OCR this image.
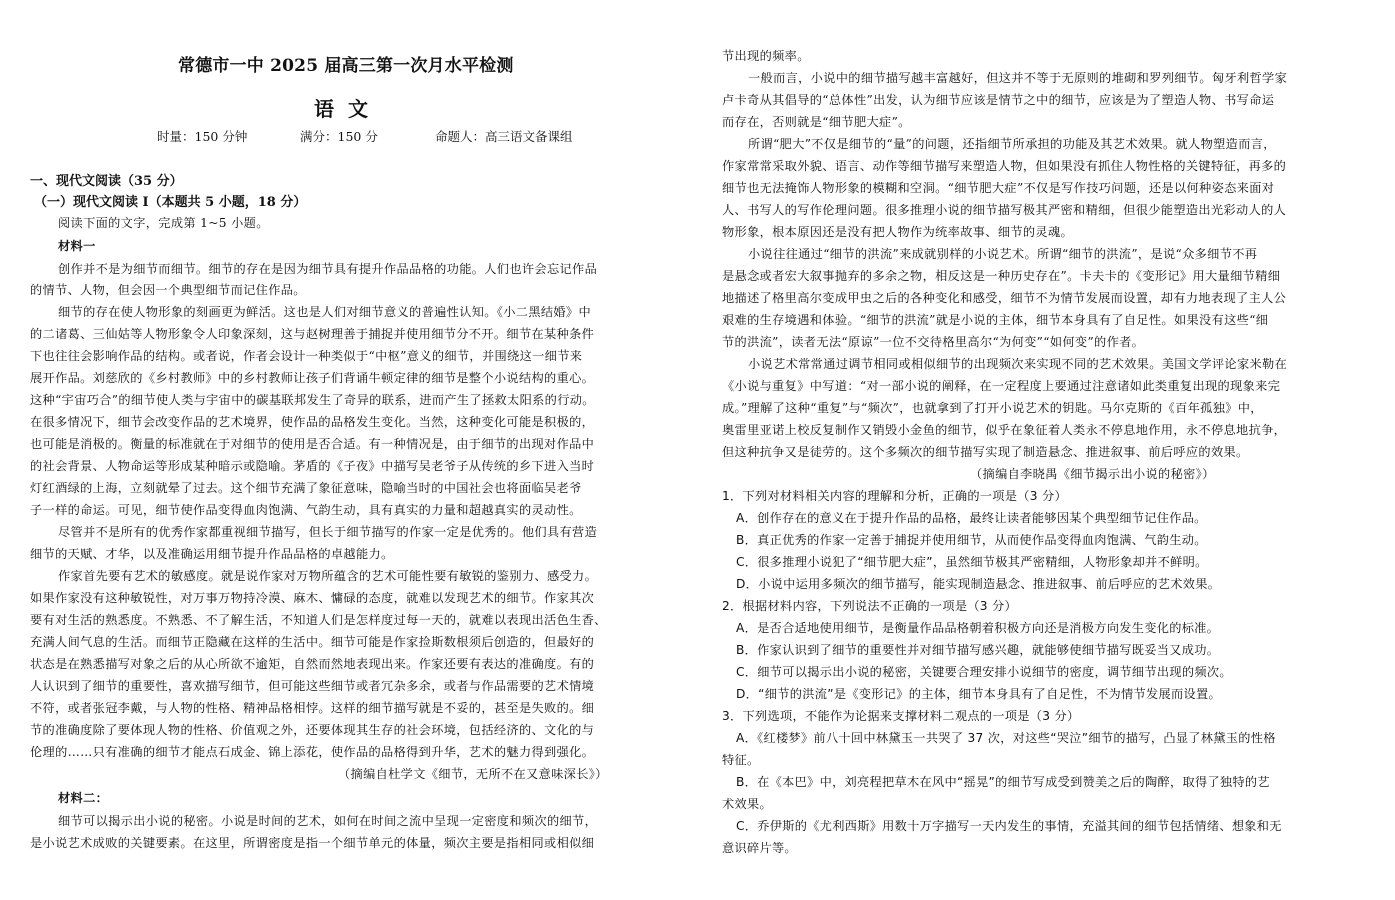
常德市一中 2025 届高三第一次月水平检测
语文
时量：150 分钟	满分：150 分	命题人：高三语文备课组
一、现代文阅读（35 分）
（一）现代文阅读 I（本题共 5 小题，18 分）
阅读下面的文字，完成第 1~5 小题。
材料一
创作并不是为细节而细节。细节的存在是因为细节具有提升作品品格的功能。人们也许会忘记作品
的情节、人物，但会因一个典型细节而记住作品。
细节的存在使人物形象的刻画更为鲜活。这也是人们对细节意义的普遍性认知。《小二黑结婚》中
的二诸葛、三仙姑等人物形象令人印象深刻，这与赵树理善于捕捉并使用细节分不开。细节在某种条件
下也往往会影响作品的结构。或者说，作者会设计一种类似于“中枢”意义的细节，并围绕这一细节来
展开作品。刘慈欣的《乡村教师》中的乡村教师让孩子们背诵牛顿定律的细节是整个小说结构的重心。
这种“宇宙巧合”的细节使人类与宇宙中的碳基联邦发生了奇异的联系，进而产生了拯救太阳系的行动。
在很多情况下，细节会改变作品的艺术境界，使作品的品格发生变化。当然，这种变化可能是积极的，
也可能是消极的。衡量的标准就在于对细节的使用是否合适。有一种情况是，由于细节的出现对作品中
的社会背景、人物命运等形成某种暗示或隐喻。茅盾的《子夜》中描写吴老爷子从传统的乡下进入当时
灯红酒绿的上海，立刻就晕了过去。这个细节充满了象征意味，隐喻当时的中国社会也将面临吴老爷
子一样的命运。可见，细节使作品变得血肉饱满、气韵生动，具有真实的力量和超越真实的灵动性。
尽管并不是所有的优秀作家都重视细节描写，但长于细节描写的作家一定是优秀的。他们具有营造
细节的天赋、才华，以及准确运用细节提升作品品格的卓越能力。
作家首先要有艺术的敏感度。就是说作家对万物所蕴含的艺术可能性要有敏锐的鉴别力、感受力。
如果作家没有这种敏锐性，对万事万物持冷漠、麻木、慵碌的态度，就难以发现艺术的细节。作家其次
要有对生活的熟悉度。不熟悉、不了解生活，不知道人们是怎样度过每一天的，就难以表现出活色生香、
充满人间气息的生活。而细节正隐藏在这样的生活中。细节可能是作家捡斯数根须后创造的，但最好的
状态是在熟悉描写对象之后的从心所欲不逾矩，自然而然地表现出来。作家还要有表达的准确度。有的
人认识到了细节的重要性，喜欢描写细节，但可能这些细节或者冗杂多余，或者与作品需要的艺术情境
不符，或者张冠李戴，与人物的性格、精神品格相悖。这样的细节描写就是不妥的，甚至是失败的。细
节的准确度除了要体现人物的性格、价值观之外，还要体现其生存的社会环境，包括经济的、文化的与
伦理的……只有准确的细节才能点石成金、锦上添花，使作品的品格得到升华，艺术的魅力得到强化。
（摘编自杜学文《细节，无所不在又意味深长》）
材料二：
细节可以揭示出小说的秘密。小说是时间的艺术，如何在时间之流中呈现一定密度和频次的细节，
是小说艺术成败的关键要素。在这里，所谓密度是指一个细节单元的体量，频次主要是指相同或相似细
节出现的频率。
一般而言，小说中的细节描写越丰富越好，但这并不等于无原则的堆砌和罗列细节。匈牙利哲学家
卢卡奇从其倡导的“总体性”出发，认为细节应该是情节之中的细节，应该是为了塑造人物、书写命运
而存在，否则就是“细节肥大症”。
所谓“肥大”不仅是细节的“量”的问题，还指细节所承担的功能及其艺术效果。就人物塑造而言，
作家常常采取外貌、语言、动作等细节描写来塑造人物，但如果没有抓住人物性格的关键特征，再多的
细节也无法掩饰人物形象的模糊和空洞。“细节肥大症”不仅是写作技巧问题，还是以何种姿态来面对
人、书写人的写作伦理问题。很多推理小说的细节描写极其严密和精细，但很少能塑造出光彩动人的人
物形象，根本原因还是没有把人物作为统率故事、细节的灵魂。
小说往往通过“细节的洪流”来成就别样的小说艺术。所谓“细节的洪流”，是说“众多细节不再
是悬念或者宏大叙事抛弃的多余之物，相反这是一种历史存在”。卡夫卡的《变形记》用大量细节精细
地描述了格里高尔变成甲虫之后的各种变化和感受，细节不为情节发展而设置，却有力地表现了主人公
艰难的生存境遇和体验。“细节的洪流”就是小说的主体，细节本身具有了自足性。如果没有这些“细
节的洪流”，读者无法“原谅”一位不交待格里高尔“为何变”“如何变”的作者。
小说艺术常常通过调节相同或相似细节的出现频次来实现不同的艺术效果。美国文学评论家米勒在
《小说与重复》中写道：“对一部小说的阐释，在一定程度上要通过注意诸如此类重复出现的现象来完
成。”理解了这种“重复”与“频次”，也就拿到了打开小说艺术的钥匙。马尔克斯的《百年孤独》中，
奥雷里亚诺上校反复制作又销毁小金鱼的细节，似乎在象征着人类永不停息地作用，永不停息地抗争，
但这种抗争又是徒劳的。这个多频次的细节描写实现了制造悬念、推进叙事、前后呼应的效果。
（摘编自李晓禺《细节揭示出小说的秘密》）
1．下列对材料相关内容的理解和分析，正确的一项是（3 分）
A．创作存在的意义在于提升作品的品格，最终让读者能够因某个典型细节记住作品。
B．真正优秀的作家一定善于捕捉并使用细节，从而使作品变得血肉饱满、气韵生动。
C．很多推理小说犯了“细节肥大症”，虽然细节极其严密精细，人物形象却并不鲜明。
D．小说中运用多频次的细节描写，能实现制造悬念、推进叙事、前后呼应的艺术效果。
2．根据材料内容，下列说法不正确的一项是（3 分）
A．是否合适地使用细节，是衡量作品品格朝着积极方向还是消极方向发生变化的标准。
B．作家认识到了细节的重要性并对细节描写感兴趣，就能够使细节描写既妥当又成功。
C．细节可以揭示出小说的秘密，关键要合理安排小说细节的密度，调节细节出现的频次。
D．“细节的洪流”是《变形记》的主体，细节本身具有了自足性，不为情节发展而设置。
3．下列选项，不能作为论据来支撑材料二观点的一项是（3 分）
A．《红楼梦》前八十回中林黛玉一共哭了 37 次，对这些“哭泣”细节的描写，凸显了林黛玉的性格
特征。
B．在《本巴》中，刘亮程把草木在风中“摇晃”的细节写成受到赞美之后的陶醉，取得了独特的艺
术效果。
C．乔伊斯的《尤利西斯》用数十万字描写一天内发生的事情，充溢其间的细节包括情绪、想象和无
意识碎片等。
